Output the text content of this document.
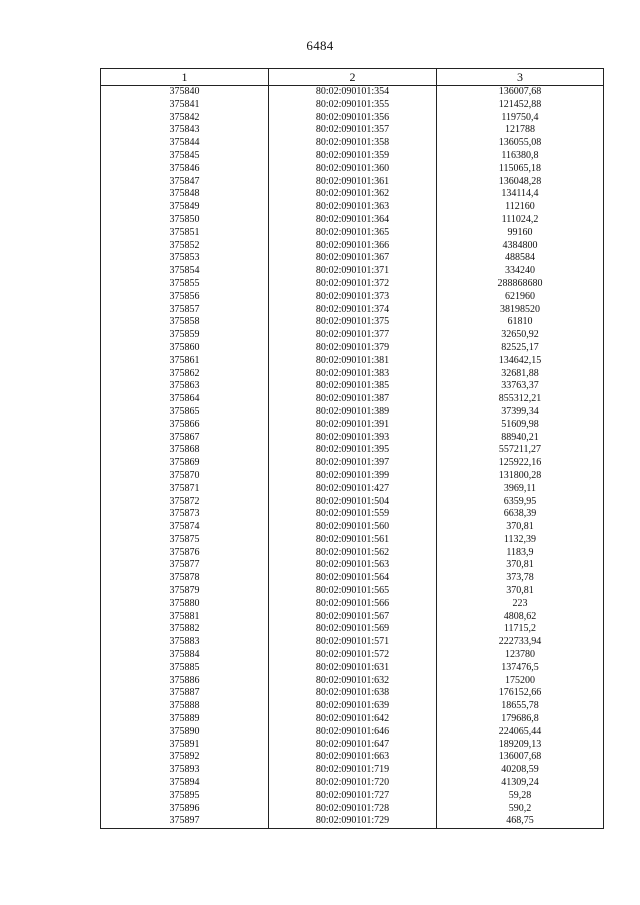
6484
1	2	3
375840	80:02:090101:354	136007,68
375841	80:02:090101:355	121452,88
375842	80:02:090101:356	119750,4
375843	80:02:090101:357	121788
375844	80:02:090101:358	136055,08
375845	80:02:090101:359	116380,8
375846	80:02:090101:360	115065,18
375847	80:02:090101:361	136048,28
375848	80:02:090101:362	134114,4
375849	80:02:090101:363	112160
375850	80:02:090101:364	111024,2
375851	80:02:090101:365	99160
375852	80:02:090101:366	4384800
375853	80:02:090101:367	488584
375854	80:02:090101:371	334240
375855	80:02:090101:372	288868680
375856	80:02:090101:373	621960
375857	80:02:090101:374	38198520
375858	80:02:090101:375	61810
375859	80:02:090101:377	32650,92
375860	80:02:090101:379	82525,17
375861	80:02:090101:381	134642,15
375862	80:02:090101:383	32681,88
375863	80:02:090101:385	33763,37
375864	80:02:090101:387	855312,21
375865	80:02:090101:389	37399,34
375866	80:02:090101:391	51609,98
375867	80:02:090101:393	88940,21
375868	80:02:090101:395	557211,27
375869	80:02:090101:397	125922,16
375870	80:02:090101:399	131800,28
375871	80:02:090101:427	3969,11
375872	80:02:090101:504	6359,95
375873	80:02:090101:559	6638,39
375874	80:02:090101:560	370,81
375875	80:02:090101:561	1132,39
375876	80:02:090101:562	1183,9
375877	80:02:090101:563	370,81
375878	80:02:090101:564	373,78
375879	80:02:090101:565	370,81
375880	80:02:090101:566	223
375881	80:02:090101:567	4808,62
375882	80:02:090101:569	11715,2
375883	80:02:090101:571	222733,94
375884	80:02:090101:572	123780
375885	80:02:090101:631	137476,5
375886	80:02:090101:632	175200
375887	80:02:090101:638	176152,66
375888	80:02:090101:639	18655,78
375889	80:02:090101:642	179686,8
375890	80:02:090101:646	224065,44
375891	80:02:090101:647	189209,13
375892	80:02:090101:663	136007,68
375893	80:02:090101:719	40208,59
375894	80:02:090101:720	41309,24
375895	80:02:090101:727	59,28
375896	80:02:090101:728	590,2
375897	80:02:090101:729	468,75
